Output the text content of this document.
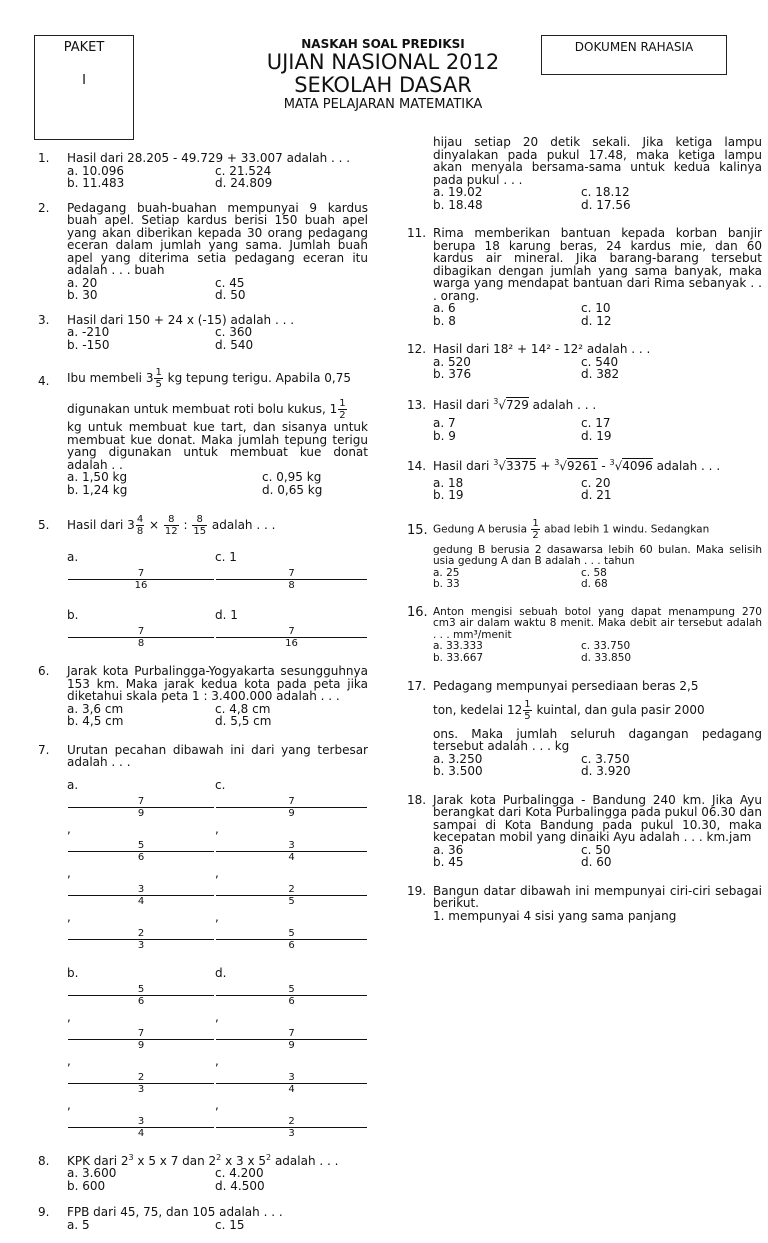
PAKET
I
DOKUMEN RAHASIA
NASKAH SOAL PREDIKSI
UJIAN NASIONAL 2012
SEKOLAH DASAR
MATA PELAJARAN MATEMATIKA
1. Hasil dari 28.205 - 49.729 + 33.007 adalah . . .
a. 10.096	c. 21.524
b. 11.483	d. 24.809
2. Pedagang buah-buahan mempunyai 9 kardus buah apel. Setiap kardus berisi 150 buah apel yang akan diberikan kepada 30 orang pedagang eceran dalam jumlah yang sama. Jumlah buah apel yang diterima setia pedagang eceran itu adalah . . . buah
a. 20	c. 45
b. 30	d. 50
3. Hasil dari 150 + 24 x (-15) adalah . . .
a. -210	c. 360
b. -150	d. 540
4. Ibu membeli $3 \frac{1}{5}$ kg tepung terigu. Apabila 0,75
digunakan untuk membuat roti bolu kukus, $1 \frac{1}{2}$
kg untuk membuat kue tart, dan sisanya untuk membuat kue donat. Maka jumlah tepung terigu yang digunakan untuk membuat kue donat adalah . .
a. 1,50 kg	c. 0,95 kg
b. 1,24 kg	d. 0,65 kg
5. Hasil dari $3 \frac{4}{8} \times \frac{8}{12}$ : $\frac{8}{15}$ adalah . . .
a.
7
16
c. 1
7
8
b.
7
8
d. 1
7
16
6. Jarak kota Purbalingga-Yogyakarta sesungguhnya 153 km. Maka jarak kedua kota pada peta jika diketahui skala peta 1 : 3.400.000 adalah . . .
a. 3,6 cm	c. 4,8 cm
b. 4,5 cm	d. 5,5 cm
7. Urutan pecahan dibawah ini dari yang terbesar adalah . . .
a.
7
9
,
5
6
,
3
4
,
2
3
c.
7
9
,
3
4
,
2
5
,
5
6
b.
5
6
,
7
9
,
2
3
,
3
4
d.
5
6
,
7
9
,
3
4
,
2
3
8. KPK dari $2^3$ x 5 x 7 dan $2^2$ x 3 x $5^2$ adalah . . .
a. 3.600	c. 4.200
b. 600	d. 4.500
9. FPB dari 45, 75, dan 105 adalah . . .
a. 5	c. 15
hijau setiap 20 detik sekali. Jika ketiga lampu dinyalakan pada pukul 17.48, maka ketiga lampu akan menyala bersama-sama untuk kedua kalinya pada pukul . . .
a. 19.02	c. 18.12
b. 18.48	d. 17.56
11. Rima memberikan bantuan kepada korban banjir berupa 18 karung beras, 24 kardus mie, dan 60 kardus air mineral. Jika barang-barang tersebut dibagikan dengan jumlah yang sama banyak, maka warga yang mendapat bantuan dari Rima sebanyak . . . orang.
a. 6	c. 10
b. 8	d. 12
12. Hasil dari 18² + 14² - 12² adalah . . .
a. 520	c. 540
b. 376	d. 382
13. Hasil dari $^3$√729 adalah . . .
a. 7	c. 17
b. 9	d. 19
14. Hasil dari $^3$√3375 + $^3$√9261 - $^3$√4096 adalah . . .
a. 18	c. 20
b. 19	d. 21
15. Gedung A berusia $\frac{1}{2}$ abad lebih 1 windu. Sedangkan
gedung B berusia 2 dasawarsa lebih 60 bulan. Maka selisih usia gedung A dan B adalah . . . tahun
a. 25	c. 58
b. 33	d. 68
16. Anton mengisi sebuah botol yang dapat menampung 270 cm3 air dalam waktu 8 menit. Maka debit air tersebut adalah . . . mm³/menit
a. 33.333	c. 33.750
b. 33.667	d. 33.850
17. Pedagang mempunyai persediaan beras 2,5
ton, kedelai $12 \frac{1}{5}$ kuintal, dan gula pasir 2000
ons. Maka jumlah seluruh dagangan pedagang tersebut adalah . . . kg
a. 3.250	c. 3.750
b. 3.500	d. 3.920
18. Jarak kota Purbalingga - Bandung 240 km. Jika Ayu berangkat dari Kota Purbalingga pada pukul 06.30 dan sampai di Kota Bandung pada pukul 10.30, maka kecepatan mobil yang dinaiki Ayu adalah . . . km.jam
a. 36	c. 50
b. 45	d. 60
19. Bangun datar dibawah ini mempunyai ciri-ciri sebagai berikut.
1. mempunyai 4 sisi yang sama panjang
